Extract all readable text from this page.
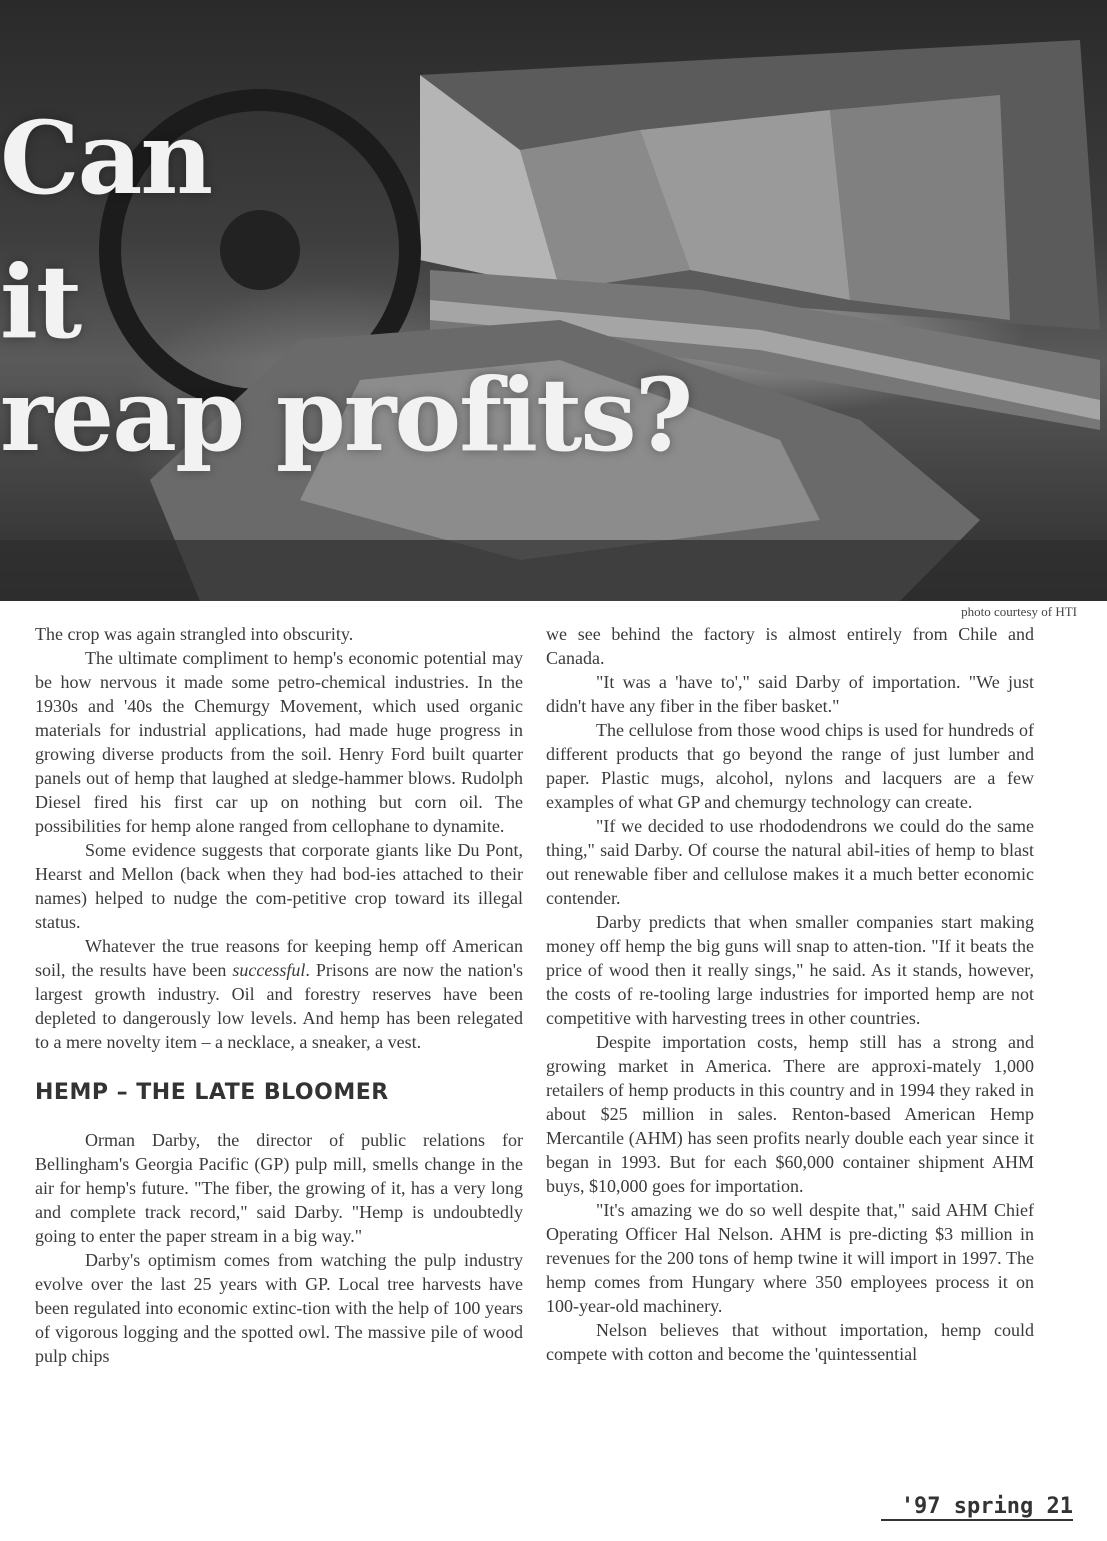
Can
it
reap profits?
photo courtesy of HTI

The crop was again strangled into obscurity.

The ultimate compliment to hemp's economic potential may be how nervous it made some petro-chemical industries. In the 1930s and '40s the Chemurgy Movement, which used organic materials for industrial applications, had made huge progress in growing diverse products from the soil. Henry Ford built quarter panels out of hemp that laughed at sledge-hammer blows. Rudolph Diesel fired his first car up on nothing but corn oil. The possibilities for hemp alone ranged from cellophane to dynamite.

Some evidence suggests that corporate giants like Du Pont, Hearst and Mellon (back when they had bod-ies attached to their names) helped to nudge the com-petitive crop toward its illegal status.

Whatever the true reasons for keeping hemp off American soil, the results have been successful. Prisons are now the nation's largest growth industry. Oil and forestry reserves have been depleted to dangerously low levels. And hemp has been relegated to a mere novelty item – a necklace, a sneaker, a vest.

HEMP – THE LATE BLOOMER

Orman Darby, the director of public relations for Bellingham's Georgia Pacific (GP) pulp mill, smells change in the air for hemp's future. "The fiber, the growing of it, has a very long and complete track record," said Darby. "Hemp is undoubtedly going to enter the paper stream in a big way."

Darby's optimism comes from watching the pulp industry evolve over the last 25 years with GP. Local tree harvests have been regulated into economic extinc-tion with the help of 100 years of vigorous logging and the spotted owl. The massive pile of wood pulp chips

we see behind the factory is almost entirely from Chile and Canada.

"It was a 'have to'," said Darby of importation. "We just didn't have any fiber in the fiber basket."

The cellulose from those wood chips is used for hundreds of different products that go beyond the range of just lumber and paper. Plastic mugs, alcohol, nylons and lacquers are a few examples of what GP and chemurgy technology can create.

"If we decided to use rhododendrons we could do the same thing," said Darby. Of course the natural abil-ities of hemp to blast out renewable fiber and cellulose makes it a much better economic contender.

Darby predicts that when smaller companies start making money off hemp the big guns will snap to atten-tion. "If it beats the price of wood then it really sings," he said. As it stands, however, the costs of re-tooling large industries for imported hemp are not competitive with harvesting trees in other countries.

Despite importation costs, hemp still has a strong and growing market in America. There are approxi-mately 1,000 retailers of hemp products in this country and in 1994 they raked in about $25 million in sales. Renton-based American Hemp Mercantile (AHM) has seen profits nearly double each year since it began in 1993. But for each $60,000 container shipment AHM buys, $10,000 goes for importation.

"It's amazing we do so well despite that," said AHM Chief Operating Officer Hal Nelson. AHM is pre-dicting $3 million in revenues for the 200 tons of hemp twine it will import in 1997. The hemp comes from Hungary where 350 employees process it on 100-year-old machinery.

Nelson believes that without importation, hemp could compete with cotton and become the 'quintessential

'97 spring 21
